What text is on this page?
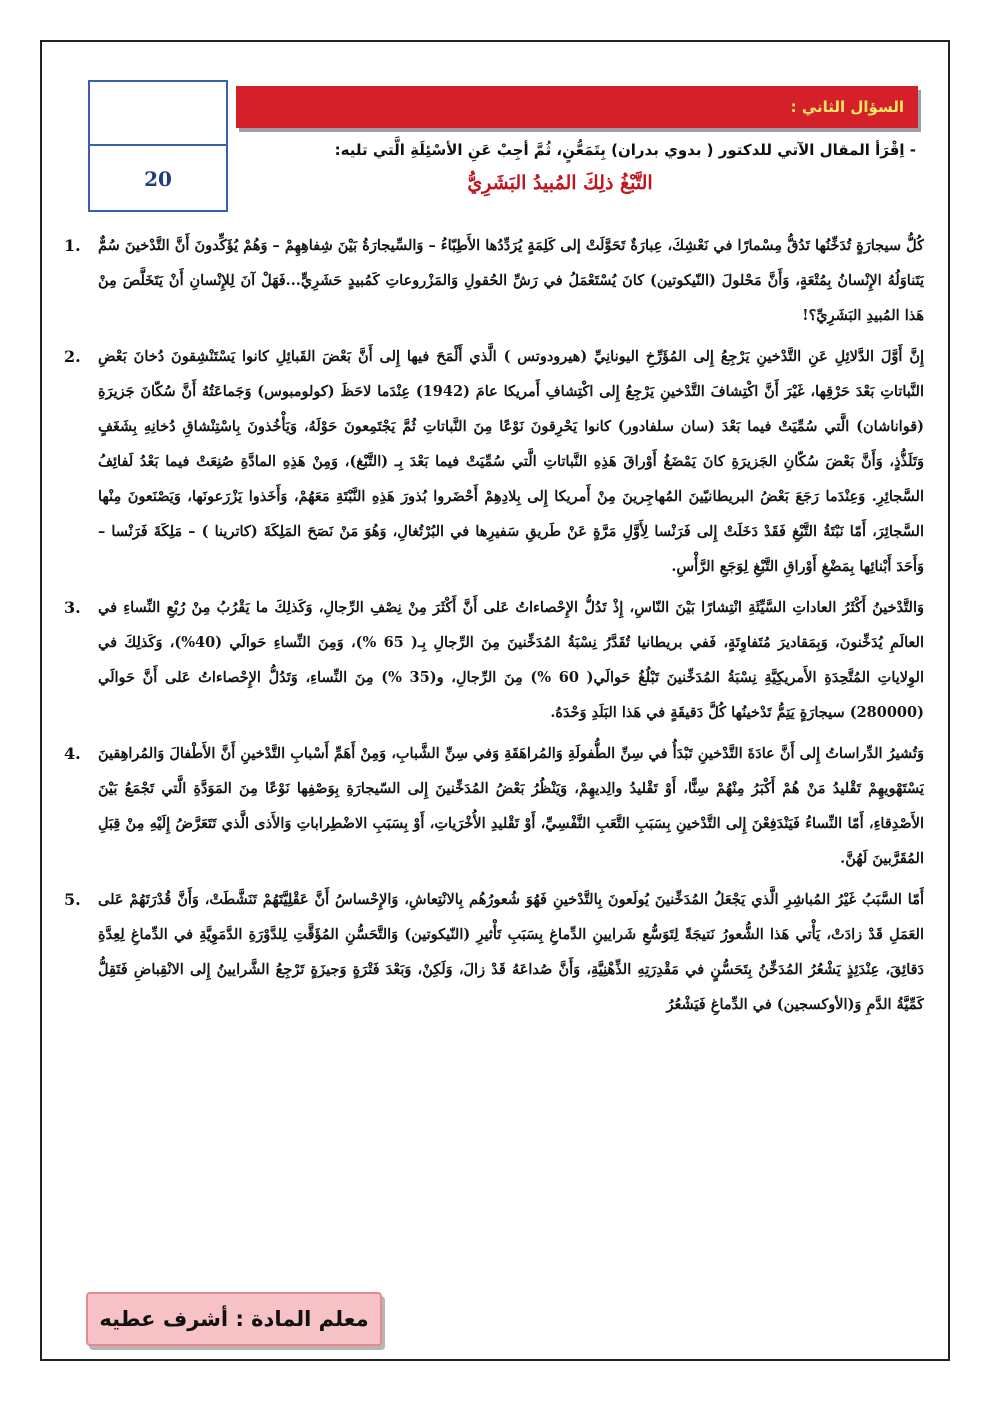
20
السؤال الثاني :
- اِقْرَأ المقال الآتي للدكتور ( بدوي بدران) بِتَمَعُّنٍ، ثُمَّ أجِبْ عَنِ الأسْئِلَةِ الَّتي تليه:
التَّبْغُ ذلِكَ المُبيدُ البَشَرِيُّ
كُلُّ سيجارَةٍ تُدَخِّنُها تَدُقُّ مِسْمارًا في نَعْشِكَ، عِبارَةٌ تَحَوَّلَتْ إلى كَلِمَةٍ يُرَدِّدُها الأَطِبّاءُ – وَالسِّيجارَةُ بَيْنَ شِفاهِهِمْ – وَهُمْ يُؤَكِّدونَ أَنَّ التَّدْخينَ سُمٌّ يَتَناوَلُهُ الإِنْسانُ بِمُتْعَةٍ، وَأَنَّ مَحْلولَ (النّيكوتين) كانَ يُسْتَعْمَلُ في رَشِّ الحُقولِ وَالمَزْروعاتِ كَمُبيدٍ حَشَرِيٍّ...فَهَلْ آنَ لِلإِنْسانِ أَنْ يَتَخَلَّصَ مِنْ هَذا المُبيدِ البَشَرِيِّ؟!
1.
إِنَّ أَوَّلَ الدَّلائِلِ عَنِ التَّدْخينِ يَرْجِعُ إِلى المُؤَرِّخِ اليونانِيِّ (هيرودوتس ) الَّذي أَلْمَحَ فيها إِلى أَنَّ بَعْضَ القَبائِلِ كانوا يَسْتَنْشِقونَ دُخانَ بَعْضِ النَّباتاتِ بَعْدَ حَرْقِها، غَيْرَ أَنَّ اكْتِشافَ التَّدْخينِ يَرْجِعُ إِلى اكْتِشافِ أَمريكا عامَ (1942) عِنْدَما لاحَظَ (كولومبوس) وَجَماعَتُهُ أَنَّ سُكّانَ جَزيرَةِ (قواناشان) الَّتي سُمِّيَتْ فيما بَعْدَ (سان سلفادور) كانوا يَحْرِقونَ نَوْعًا مِنَ النَّباتاتِ ثُمَّ يَجْتَمِعونَ حَوْلَهُ، وَيَأْخُذونَ بِاسْتِنْشاقِ دُخانِهِ بِشَغَفٍ وَتَلَذُّذٍ، وَأَنَّ بَعْضَ سُكّانِ الجَزيرَةِ كانَ يَمْضَغُ أَوْراقَ هَذِهِ النَّباتاتِ الَّتي سُمِّيَتْ فيما بَعْدَ بِـ (التَّبْغ)، وَمِنْ هَذِهِ المادَّةِ صُنِعَتْ فيما بَعْدُ لَفائِفُ السَّجائِرِ. وَعِنْدَما رَجَعَ بَعْضُ البريطانيّينَ المُهاجِرينَ مِنْ أَمريكا إِلى بِلادِهِمْ أَحْضَروا بُذورَ هَذِهِ النَّبْتَةِ مَعَهُمْ، وَأَخَذوا يَزْرَعونَها، وَيَصْنَعونَ مِنْها السَّجائِرَ، أَمّا نَبْتَةُ التَّبْغِ فَقَدْ دَخَلَتْ إِلى فَرَنْسا لِأَوَّلِ مَرَّةٍ عَنْ طَريقِ سَفيرِها في البُرْتُغالِ، وَهُوَ مَنْ نَصَحَ المَلِكَةَ (كاترينا ) – مَلِكَةَ فَرَنْسا – وَأَحَدَ أَبْنائِها بِمَضْغِ أَوْراقِ التَّبْغِ لِوَجَعِ الرَّأْسِ.
2.
وَالتَّدْخينُ أَكْثَرُ العاداتِ السَّيِّئَةِ انْتِشارًا بَيْنَ النّاسِ، إِذْ تَدُلُّ الإِحْصاءاتُ عَلى أَنَّ أَكْثَرَ مِنْ نِصْفِ الرِّجالِ، وَكَذلِكَ ما يَقْرُبُ مِنْ رُبْعِ النِّساءِ في العالَمِ يُدَخِّنونَ، وَبِمَقاديرَ مُتَفاوِتَةٍ، فَفي بريطانيا تُقَدَّرُ نِسْبَةُ المُدَخِّنينَ مِنَ الرِّجالِ بِـ( 65 %)، وَمِنَ النِّساءِ حَوالَي (40%)، وَكَذلِكَ في الوِلاياتِ المُتَّحِدَةِ الأَمريكِيَّةِ نِسْبَةُ المُدَخِّنينَ تَبْلُغُ حَوالَي( 60 %) مِنَ الرِّجالِ، و(35 %) مِنَ النِّساءِ، وَتَدُلُّ الإِحْصاءاتُ عَلى أَنَّ حَوالَي (280000) سيجارَةٍ يَتِمُّ تَدْخينُها كُلَّ دَقيقَةٍ في هَذا البَلَدِ وَحْدَهُ.
3.
وَتُشيرُ الدِّراساتُ إِلى أَنَّ عادَةَ التَّدْخينِ تَبْدَأُ في سِنِّ الطُّفولَةِ وَالمُراهَقَةِ وَفي سِنِّ الشَّبابِ، وَمِنْ أَهَمِّ أَسْبابِ التَّدْخينِ أَنَّ الأَطْفالَ وَالمُراهِقينَ يَسْتَهْويهِمْ تَقْليدُ مَنْ هُمْ أَكْبَرُ مِنْهُمْ سِنًّا، أَوْ تَقْليدُ والِديهِمْ، وَيَنْظُرُ بَعْضُ المُدَخِّنينَ إِلى السّيجارَةِ بِوَصْفِها نَوْعًا مِنَ المَوَدَّةِ الَّتي تَجْمَعُ بَيْنَ الأَصْدِقاءِ، أَمّا النِّساءُ فَيَنْدَفِعْنَ إِلى التَّدْخينِ بِسَبَبِ التَّعَبِ النَّفْسِيِّ، أَوْ تَقْليدِ الأُخْرَياتِ، أَوْ بِسَبَبِ الاضْطِراباتِ وَالأَذى الَّذي تَتَعَرَّضُ إِلَيْهِ مِنْ قِبَلِ المُقَرَّبينَ لَهُنَّ.
4.
أَمّا السَّبَبُ غَيْرُ المُباشِرِ الَّذي يَجْعَلُ المُدَخِّنينَ يُولَعونَ بِالتَّدْخينِ فَهُوَ شُعورُهُم بِالانْتِعاشِ، وَالإِحْساسُ أَنَّ عَقْلِيَّتَهُمْ تَنَشَّطَتْ، وَأَنَّ قُدْرَتَهُمْ عَلى العَمَلِ قَدْ زادَتْ، يَأْتي هَذا الشُّعورُ نَتيجَةً لِتَوَسُّعِ شَرايينِ الدِّماغِ بِسَبَبِ تَأْثيرِ (النّيكوتين) وَالتَّحَسُّنِ المُؤَقَّتِ لِلدَّوْرَةِ الدَّمَوِيَّةِ في الدِّماغِ لِعِدَّةِ دَقائِقَ، عِنْدَئِذٍ يَشْعُرُ المُدَخِّنُ بِتَحَسُّنٍ في مَقْدِرَتِهِ الذِّهْنِيَّةِ، وَأَنَّ صُداعَهُ قَدْ زالَ، وَلَكِنْ، وَبَعْدَ فَتْرَةٍ وَجيزَةٍ تَرْجِعُ الشَّرايينُ إِلى الانْقِباضِ فَتَقِلُّ كَمِّيَّةُ الدَّمِ وَ(الأوكسجين) في الدِّماغِ فَيَشْعُرُ
5.
معلم المادة : أشرف عطيه
